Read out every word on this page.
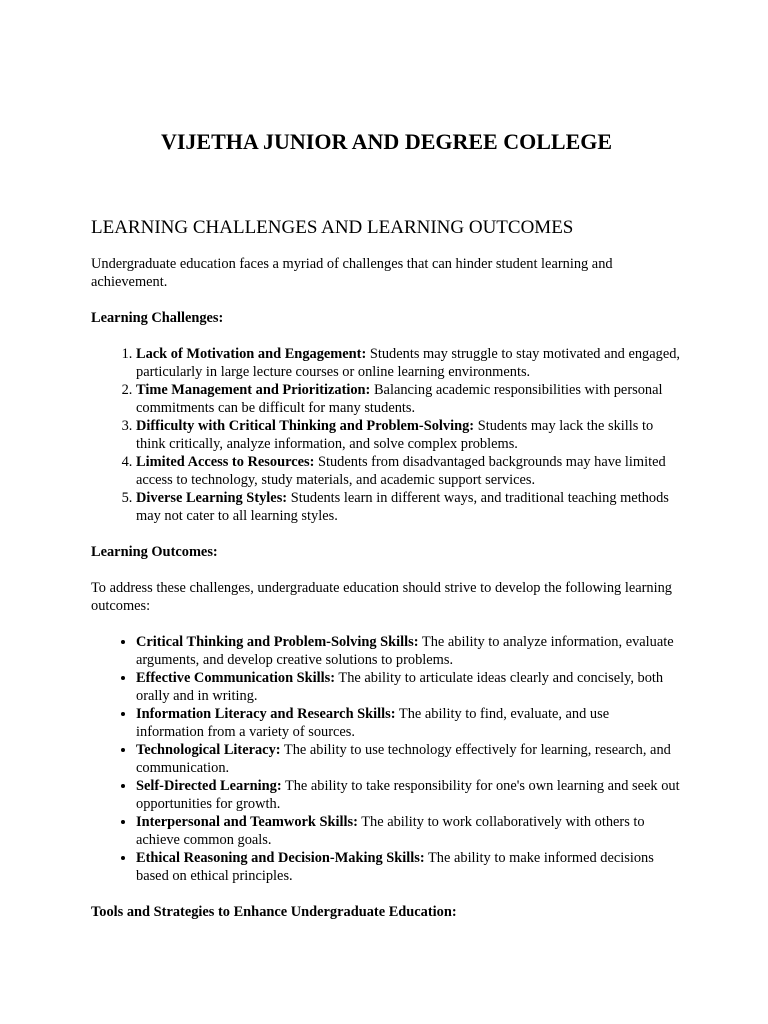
VIJETHA JUNIOR AND DEGREE COLLEGE
LEARNING CHALLENGES AND LEARNING OUTCOMES

Undergraduate education faces a myriad of challenges that can hinder student learning and achievement.

Learning Challenges:

1. Lack of Motivation and Engagement: Students may struggle to stay motivated and engaged, particularly in large lecture courses or online learning environments.
2. Time Management and Prioritization: Balancing academic responsibilities with personal commitments can be difficult for many students.
3. Difficulty with Critical Thinking and Problem-Solving: Students may lack the skills to think critically, analyze information, and solve complex problems.
4. Limited Access to Resources: Students from disadvantaged backgrounds may have limited access to technology, study materials, and academic support services.
5. Diverse Learning Styles: Students learn in different ways, and traditional teaching methods may not cater to all learning styles.

Learning Outcomes:

To address these challenges, undergraduate education should strive to develop the following learning outcomes:

• Critical Thinking and Problem-Solving Skills: The ability to analyze information, evaluate arguments, and develop creative solutions to problems.
• Effective Communication Skills: The ability to articulate ideas clearly and concisely, both orally and in writing.
• Information Literacy and Research Skills: The ability to find, evaluate, and use information from a variety of sources.
• Technological Literacy: The ability to use technology effectively for learning, research, and communication.
• Self-Directed Learning: The ability to take responsibility for one's own learning and seek out opportunities for growth.
• Interpersonal and Teamwork Skills: The ability to work collaboratively with others to achieve common goals.
• Ethical Reasoning and Decision-Making Skills: The ability to make informed decisions based on ethical principles.

Tools and Strategies to Enhance Undergraduate Education:
